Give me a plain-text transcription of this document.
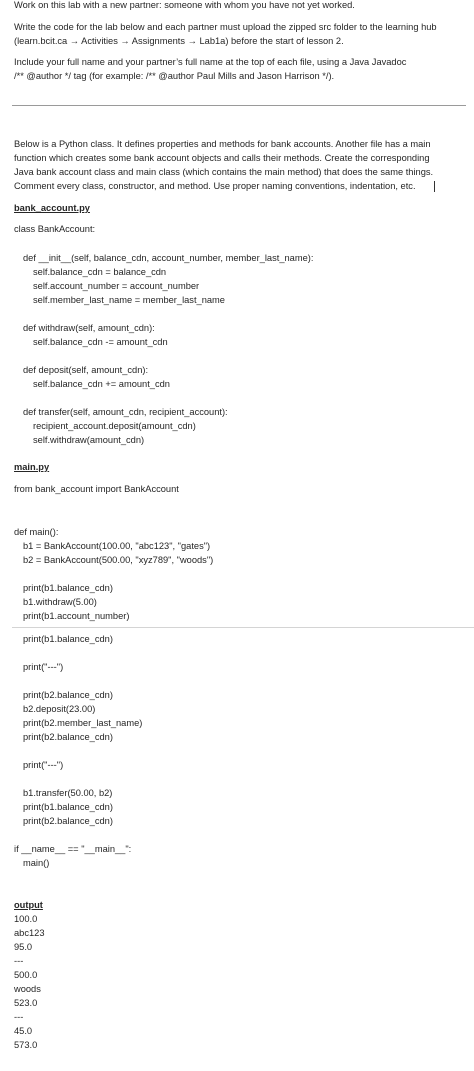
Work on this lab with a new partner: someone with whom you have not yet worked.
Write the code for the lab below and each partner must upload the zipped src folder to the learning hub
(learn.bcit.ca → Activities → Assignments → Lab1a) before the start of lesson 2.
Include your full name and your partner’s full name at the top of each file, using a Java Javadoc
/** @author */ tag (for example: /** @author Paul Mills and Jason Harrison */).
Below is a Python class. It defines properties and methods for bank accounts. Another file has a main
function which creates some bank account objects and calls their methods. Create the corresponding
Java bank account class and main class (which contains the main method) that does the same things.
Comment every class, constructor, and method. Use proper naming conventions, indentation, etc.
bank_account.py
class BankAccount:
def __init__(self, balance_cdn, account_number, member_last_name):
self.balance_cdn = balance_cdn
self.account_number = account_number
self.member_last_name = member_last_name
def withdraw(self, amount_cdn):
self.balance_cdn -= amount_cdn
def deposit(self, amount_cdn):
self.balance_cdn += amount_cdn
def transfer(self, amount_cdn, recipient_account):
recipient_account.deposit(amount_cdn)
self.withdraw(amount_cdn)
main.py
from bank_account import BankAccount
def main():
b1 = BankAccount(100.00, "abc123", "gates")
b2 = BankAccount(500.00, "xyz789", "woods")
print(b1.balance_cdn)
b1.withdraw(5.00)
print(b1.account_number)
print(b1.balance_cdn)
print("---")
print(b2.balance_cdn)
b2.deposit(23.00)
print(b2.member_last_name)
print(b2.balance_cdn)
print("---")
b1.transfer(50.00, b2)
print(b1.balance_cdn)
print(b2.balance_cdn)
if __name__ == "__main__":
main()
output
100.0
abc123
95.0
---
500.0
woods
523.0
---
45.0
573.0
